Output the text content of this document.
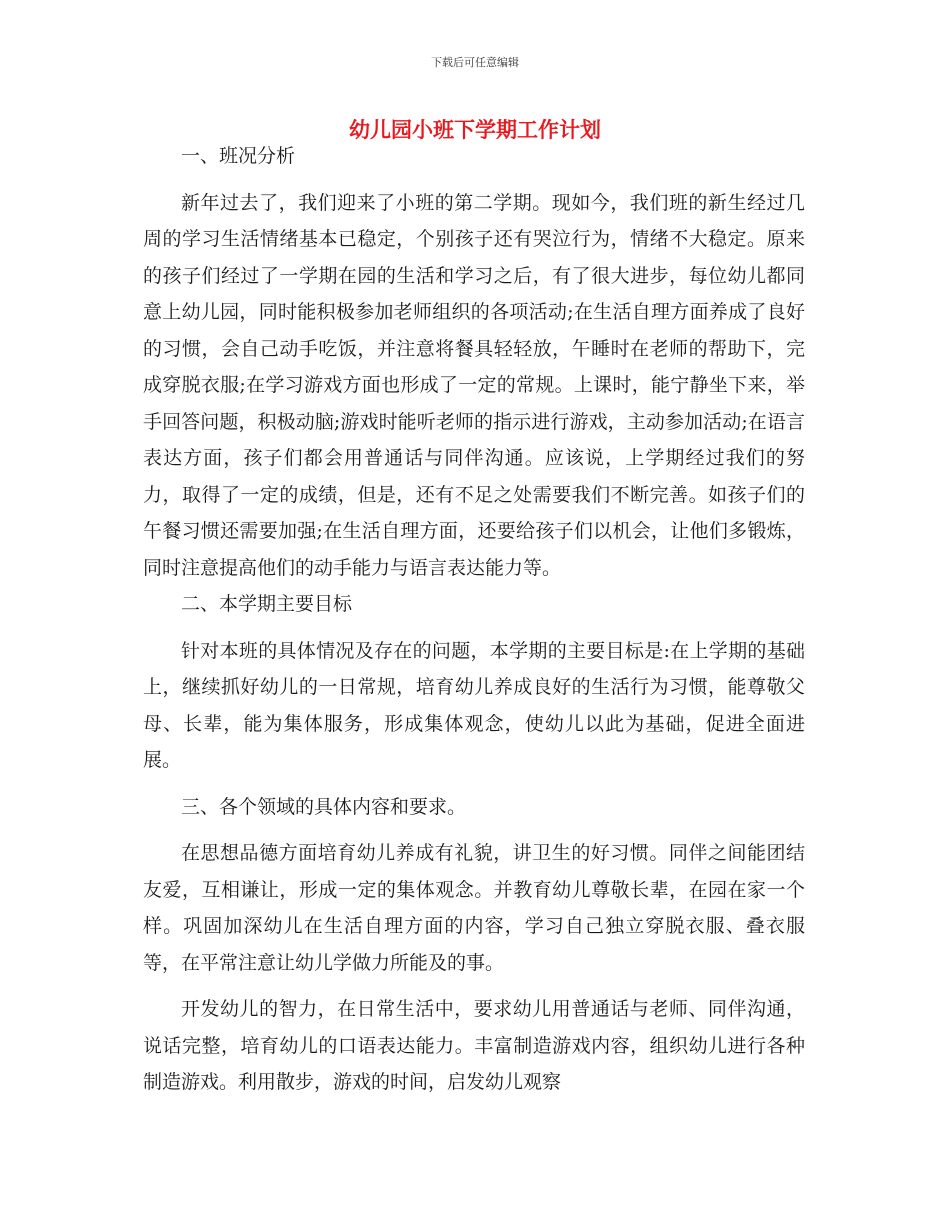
下载后可任意编辑
幼儿园小班下学期工作计划

一、班况分析

新年过去了，我们迎来了小班的第二学期。现如今，我们班的新生经过几周的学习生活情绪基本已稳定，个别孩子还有哭泣行为，情绪不大稳定。原来的孩子们经过了一学期在园的生活和学习之后，有了很大进步，每位幼儿都同意上幼儿园，同时能积极参加老师组织的各项活动;在生活自理方面养成了良好的习惯，会自己动手吃饭，并注意将餐具轻轻放，午睡时在老师的帮助下，完成穿脱衣服;在学习游戏方面也形成了一定的常规。上课时，能宁静坐下来，举手回答问题，积极动脑;游戏时能听老师的指示进行游戏，主动参加活动;在语言表达方面，孩子们都会用普通话与同伴沟通。应该说，上学期经过我们的努力，取得了一定的成绩，但是，还有不足之处需要我们不断完善。如孩子们的午餐习惯还需要加强;在生活自理方面，还要给孩子们以机会，让他们多锻炼，同时注意提高他们的动手能力与语言表达能力等。

二、本学期主要目标

针对本班的具体情况及存在的问题，本学期的主要目标是:在上学期的基础上，继续抓好幼儿的一日常规，培育幼儿养成良好的生活行为习惯，能尊敬父母、长辈，能为集体服务，形成集体观念，使幼儿以此为基础，促进全面进展。

三、各个领域的具体内容和要求。

在思想品德方面培育幼儿养成有礼貌，讲卫生的好习惯。同伴之间能团结友爱，互相谦让，形成一定的集体观念。并教育幼儿尊敬长辈，在园在家一个样。巩固加深幼儿在生活自理方面的内容，学习自己独立穿脱衣服、叠衣服等，在平常注意让幼儿学做力所能及的事。

开发幼儿的智力，在日常生活中，要求幼儿用普通话与老师、同伴沟通，说话完整，培育幼儿的口语表达能力。丰富制造游戏内容，组织幼儿进行各种制造游戏。利用散步，游戏的时间，启发幼儿观察
